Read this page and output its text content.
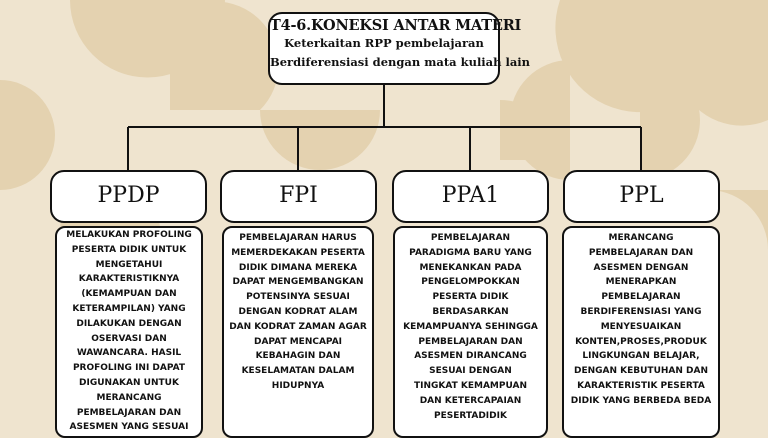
T4-6.KONEKSI ANTAR MATERI
Keterkaitan RPP pembelajaran
Berdiferensiasi dengan mata kuliah lain
PPDP	FPI	PPA1	PPL
MELAKUKAN PROFOLING
PESERTA DIDIK UNTUK
MENGETAHUI
KARAKTERISTIKNYA
(KEMAMPUAN DAN
KETERAMPILAN) YANG
DILAKUKAN DENGAN
OSERVASI DAN
WAWANCARA. HASIL
PROFOLING INI DAPAT
DIGUNAKAN UNTUK
MERANCANG
PEMBELAJARAN DAN
ASESMEN YANG SESUAI
PEMBELAJARAN HARUS
MEMERDEKAKAN PESERTA
DIDIK DIMANA MEREKA
DAPAT MENGEMBANGKAN
POTENSINYA SESUAI
DENGAN KODRAT ALAM
DAN KODRAT ZAMAN AGAR
DAPAT MENCAPAI
KEBAHAGIN DAN
KESELAMATAN DALAM
HIDUPNYA
PEMBELAJARAN
PARADIGMA BARU YANG
MENEKANKAN PADA
PENGELOMPOKKAN
PESERTA DIDIK
BERDASARKAN
KEMAMPUANYA SEHINGGA
PEMBELAJARAN DAN
ASESMEN DIRANCANG
SESUAI DENGAN
TINGKAT KEMAMPUAN
DAN KETERCAPAIAN
PESERTADIDIK
MERANCANG
PEMBELAJARAN DAN
ASESMEN DENGAN
MENERAPKAN
PEMBELAJARAN
BERDIFERENSIASI YANG
MENYESUAIKAN
KONTEN,PROSES,PRODUK
LINGKUNGAN BELAJAR,
DENGAN KEBUTUHAN DAN
KARAKTERISTIK PESERTA
DIDIK YANG BERBEDA BEDA
